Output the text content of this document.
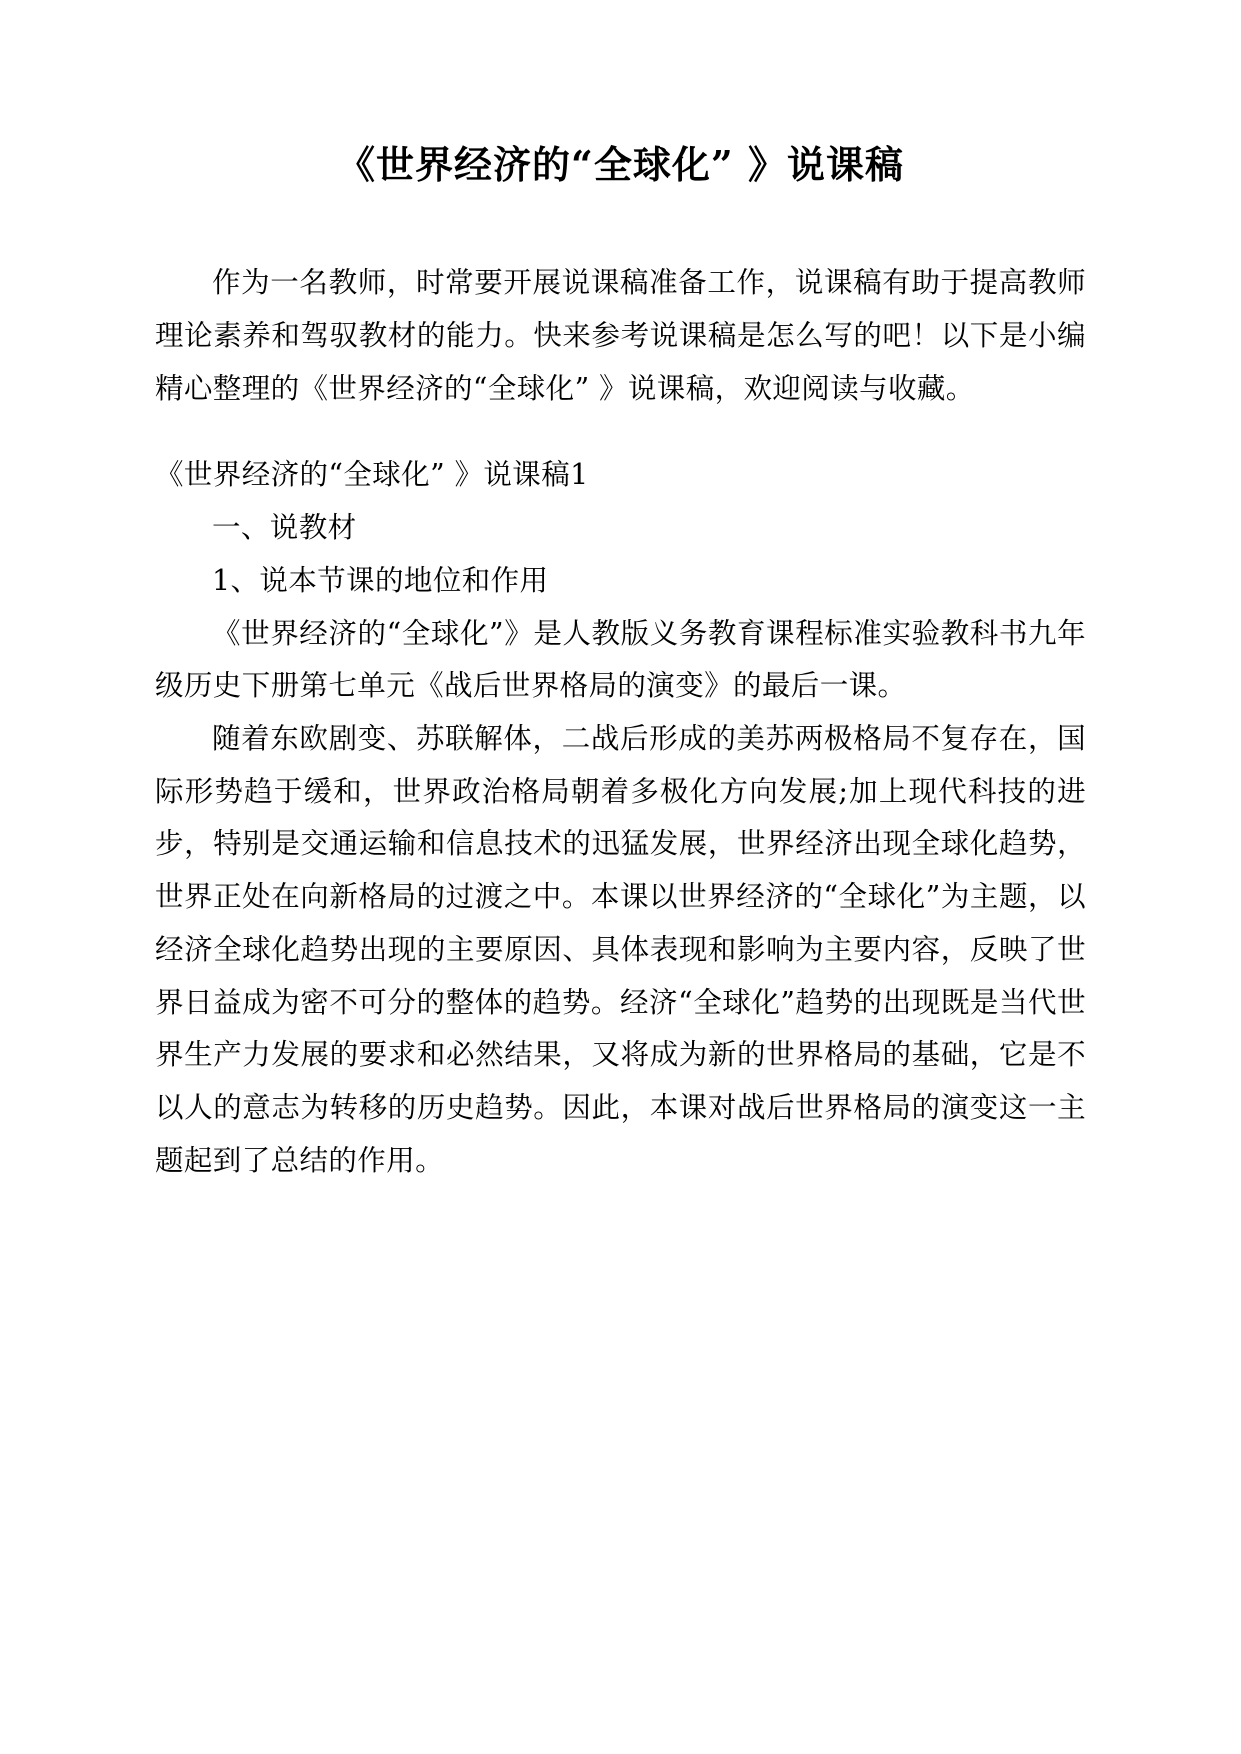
《世界经济的“全球化” 》说课稿

作为一名教师，时常要开展说课稿准备工作，说课稿有助于提高教师理论素养和驾驭教材的能力。快来参考说课稿是怎么写的吧！以下是小编精心整理的《世界经济的“全球化” 》说课稿，欢迎阅读与收藏。

《世界经济的“全球化” 》说课稿1

一、说教材

1、说本节课的地位和作用

《世界经济的“全球化”》是人教版义务教育课程标准实验教科书九年级历史下册第七单元《战后世界格局的演变》的最后一课。

随着东欧剧变、苏联解体，二战后形成的美苏两极格局不复存在，国际形势趋于缓和，世界政治格局朝着多极化方向发展;加上现代科技的进步，特别是交通运输和信息技术的迅猛发展，世界经济出现全球化趋势，世界正处在向新格局的过渡之中。本课以世界经济的“全球化”为主题，以经济全球化趋势出现的主要原因、具体表现和影响为主要内容，反映了世界日益成为密不可分的整体的趋势。经济“全球化”趋势的出现既是当代世界生产力发展的要求和必然结果，又将成为新的世界格局的基础，它是不以人的意志为转移的历史趋势。因此，本课对战后世界格局的演变这一主题起到了总结的作用。
